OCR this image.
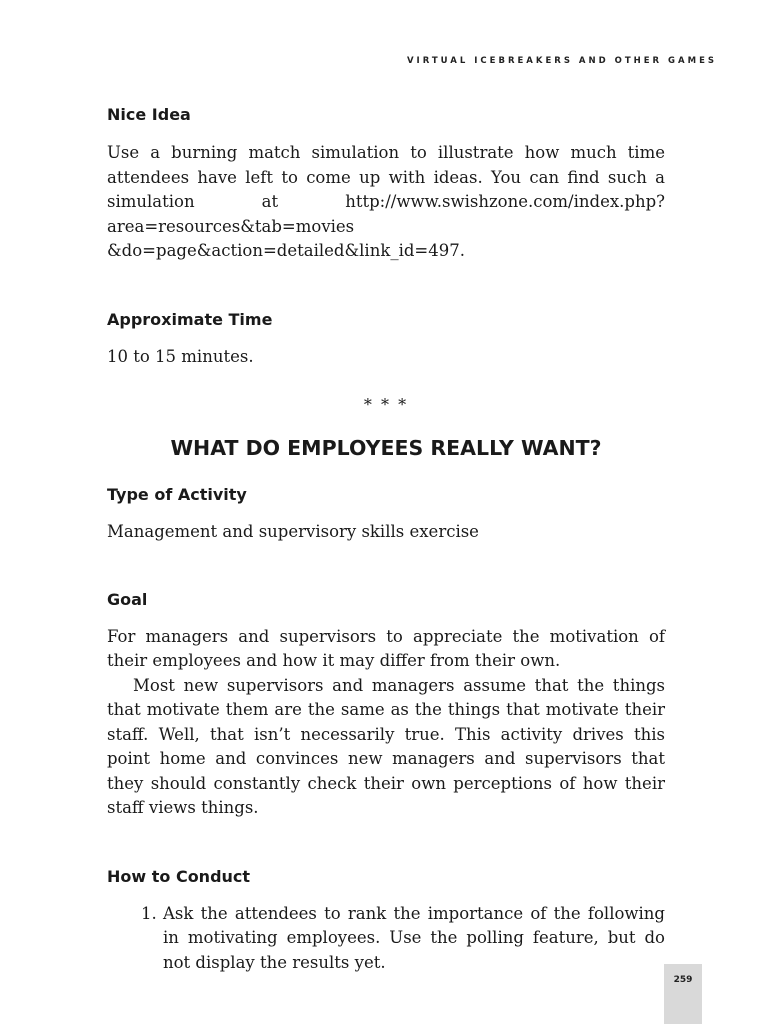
VIRTUAL ICEBREAKERS AND OTHER GAMES
Nice Idea

Use a burning match simulation to illustrate how much time attendees have left to come up with ideas. You can find such a simulation at http://www.swishzone.com/index.php?area=resources&tab=movies &do=page&action=detailed&link_id=497.

Approximate Time

10 to 15 minutes.

* * *
WHAT DO EMPLOYEES REALLY WANT?
Type of Activity

Management and supervisory skills exercise

Goal

For managers and supervisors to appreciate the motivation of their employees and how it may differ from their own.

Most new supervisors and managers assume that the things that motivate them are the same as the things that motivate their staff. Well, that isn’t necessarily true. This activity drives this point home and convinces new managers and supervisors that they should constantly check their own perceptions of how their staff views things.

How to Conduct
1. Ask the attendees to rank the importance of the following in motivating employees. Use the polling feature, but do not display the results yet.

259
